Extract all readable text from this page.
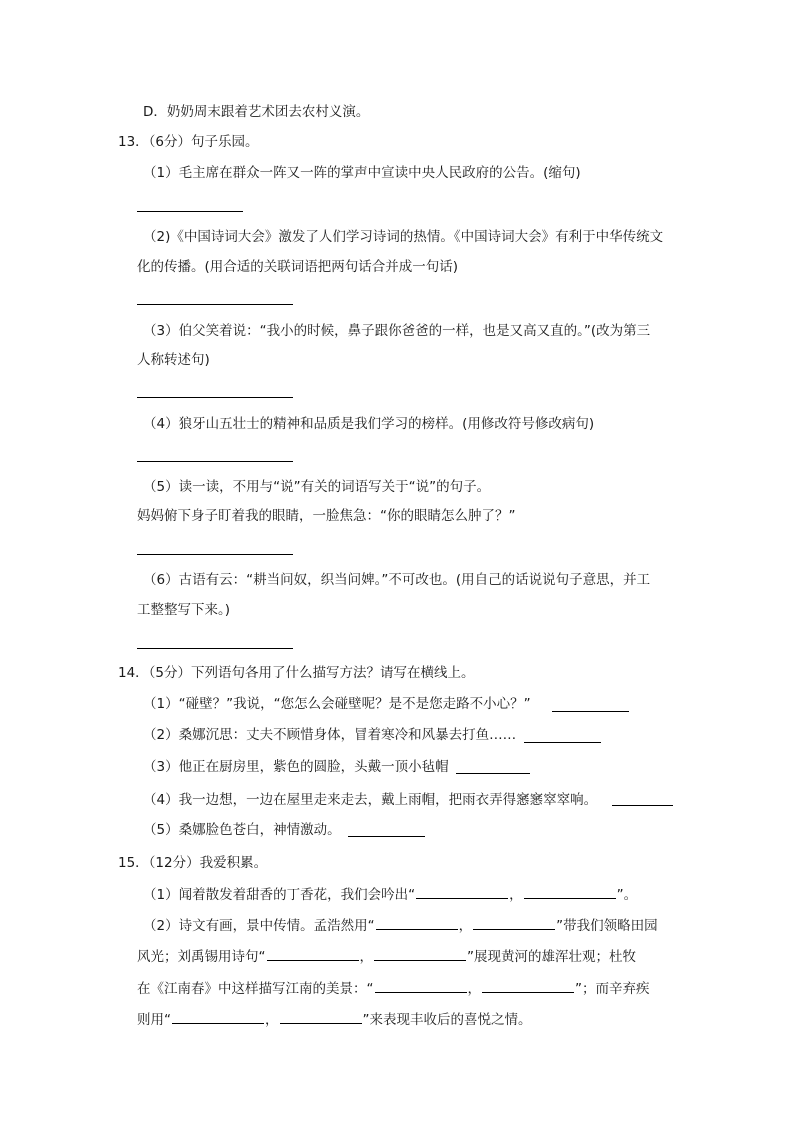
D．奶奶周末跟着艺术团去农村义演。
13．（6分）句子乐园。
（1）毛主席在群众一阵又一阵的掌声中宣读中央人民政府的公告。(缩句)
（2)《中国诗词大会》激发了人们学习诗词的热情。《中国诗词大会》有利于中华传统文
化的传播。(用合适的关联词语把两句话合并成一句话)
（3）伯父笑着说：“我小的时候，鼻子跟你爸爸的一样，也是又高又直的。”(改为第三
人称转述句)
（4）狼牙山五壮士的精神和品质是我们学习的榜样。(用修改符号修改病句)
（5）读一读，不用与“说”有关的词语写关于“说”的句子。
妈妈俯下身子盯着我的眼睛，一脸焦急：“你的眼睛怎么肿了？”
（6）古语有云：“耕当问奴，织当问婢。”不可改也。(用自己的话说说句子意思，并工
工整整写下来。)
14．（5分）下列语句各用了什么描写方法？请写在横线上。
（1）“碰壁？”我说，“您怎么会碰壁呢？是不是您走路不小心？”
（2）桑娜沉思：丈夫不顾惜身体，冒着寒冷和风暴去打鱼……
（3）他正在厨房里，紫色的圆脸，头戴一顶小毡帽
（4）我一边想，一边在屋里走来走去，戴上雨帽，把雨衣弄得窸窸窣窣响。
（5）桑娜脸色苍白，神情激动。
15．（12分）我爱积累。
（1）闻着散发着甜香的丁香花，我们会吟出“	，	”。
（2）诗文有画，景中传情。孟浩然用“	，	”带我们领略田园
风光；刘禹锡用诗句“	，	”展现黄河的雄浑壮观；杜牧
在《江南春》中这样描写江南的美景：“	，	”；而辛弃疾
则用“	，	”来表现丰收后的喜悦之情。
